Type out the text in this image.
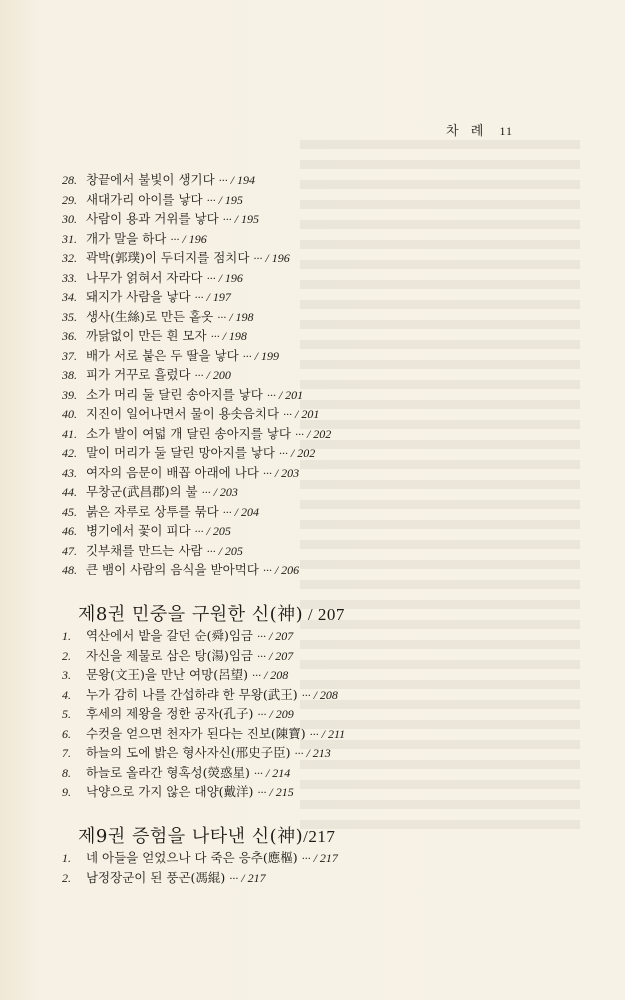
차 례 11
28. 창끝에서 불빛이 생기다 ··· / 194
29. 새대가리 아이를 낳다 ··· / 195
30. 사람이 용과 거위를 낳다 ··· / 195
31. 개가 말을 하다 ··· / 196
32. 곽박(郭璞)이 두더지를 점치다 ··· / 196
33. 나무가 얽혀서 자라다 ··· / 196
34. 돼지가 사람을 낳다 ··· / 197
35. 생사(生絲)로 만든 홑옷 ··· / 198
36. 까닭없이 만든 흰 모자 ··· / 198
37. 배가 서로 붙은 두 딸을 낳다 ··· / 199
38. 피가 거꾸로 흘렀다 ··· / 200
39. 소가 머리 둘 달린 송아지를 낳다 ··· / 201
40. 지진이 일어나면서 물이 용솟음치다 ··· / 201
41. 소가 발이 여덟 개 달린 송아지를 낳다 ··· / 202
42. 말이 머리가 둘 달린 망아지를 낳다 ··· / 202
43. 여자의 음문이 배꼽 아래에 나다 ··· / 203
44. 무창군(武昌郡)의 불 ··· / 203
45. 붉은 자루로 상투를 묶다 ··· / 204
46. 병기에서 꽃이 피다 ··· / 205
47. 깃부채를 만드는 사람 ··· / 205
48. 큰 뱀이 사람의 음식을 받아먹다 ··· / 206
제8권 민중을 구원한 신(神) / 207
1. 역산에서 밭을 갈던 순(舜)임금 ··· / 207
2. 자신을 제물로 삼은 탕(湯)임금 ··· / 207
3. 문왕(文王)을 만난 여망(呂望) ··· / 208
4. 누가 감히 나를 간섭하랴 한 무왕(武王) ··· / 208
5. 후세의 제왕을 정한 공자(孔子) ··· / 209
6. 수컷을 얻으면 천자가 된다는 진보(陳寶) ··· / 211
7. 하늘의 도에 밝은 형사자신(邢史子臣) ··· / 213
8. 하늘로 올라간 형혹성(熒惑星) ··· / 214
9. 낙양으로 가지 않은 대양(戴洋) ··· / 215
제9권 증험을 나타낸 신(神)/217
1. 네 아들을 얻었으나 다 죽은 응추(應樞) ··· / 217
2. 남정장군이 된 풍곤(馮緄) ··· / 217
